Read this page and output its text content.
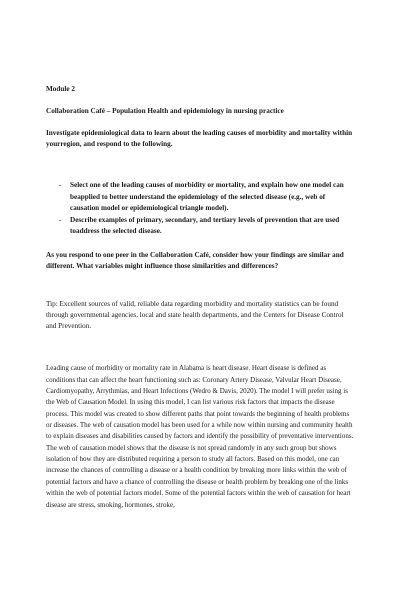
Module 2

Collaboration Café – Population Health and epidemiology in nursing practice

Investigate epidemiological data to learn about the leading causes of morbidity and mortality within yourregion, and respond to the following.

- Select one of the leading causes of morbidity or mortality, and explain how one model can beapplied to better understand the epidemiology of the selected disease (e.g., web of causation model or epidemiological triangle model).
- Describe examples of primary, secondary, and tertiary levels of prevention that are used toaddress the selected disease.

As you respond to one peer in the Collaboration Café, consider how your findings are similar and different. What variables might influence those similarities and differences?

Tip: Excellent sources of valid, reliable data regarding morbidity and mortality statistics can be found through governmental agencies, local and state health departments, and the Centers for Disease Control and Prevention.

Leading cause of morbidity or mortality rate in Alabama is heart disease. Heart disease is defined as conditions that can affect the heart functioning such as: Coronary Artery Disease, Valvular Heart Disease, Cardiomyopathy, Arrythmias, and Heart Infections (Wedro & Davis, 2020). The model I will prefer using is the Web of Causation Model. In using this model, I can list various risk factors that impacts the disease process. This model was created to show different paths that point towards the beginning of health problems or diseases. The web of causation model has been used for a while now within nursing and community health to explain diseases and disabilities caused by factors and identify the possibility of preventative interventions. The web of causation model shows that the disease is not spread randomly in any such group but shows isolation of how they are distributed requiring a person to study all factors. Based on this model, one can increase the chances of controlling a disease or a health condition by breaking more links within the web of potential factors and have a chance of controlling the disease or health problem by breaking one of the links within the web of potential factors model. Some of the potential factors within the web of causation for heart disease are stress, smoking, hormones, stroke,
